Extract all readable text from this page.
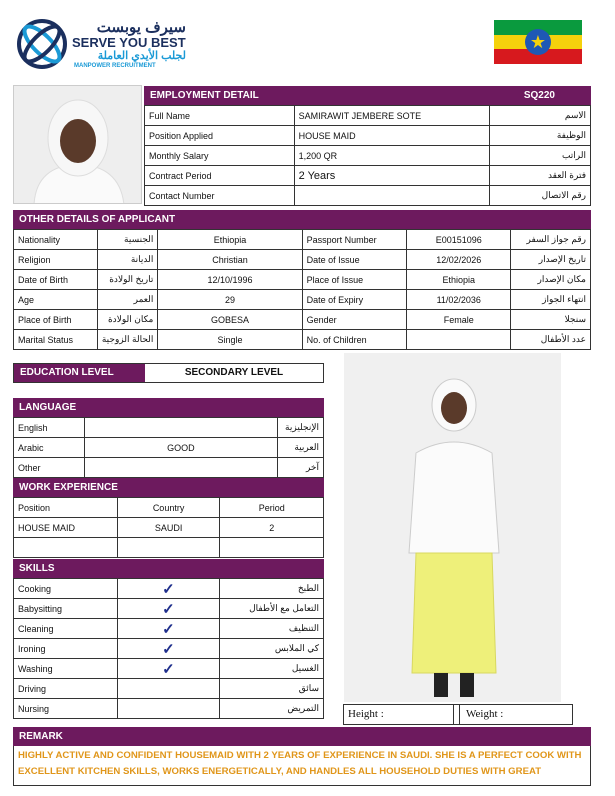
سيرف يوبست
SERVE YOU BEST
لجلب الأيدي العاملة
MANPOWER RECRUITMENT
★
EMPLOYMENT DETAIL	SQ220
Full Name	SAMIRAWIT JEMBERE SOTE	الاسم
Position Applied	HOUSE MAID	الوظيفة
Monthly Salary	1,200 QR	الراتب
Contract Period	2 Years	فترة العقد
Contact Number		رقم الاتصال
OTHER DETAILS OF APPLICANT
Nationality	الجنسية	Ethiopia	Passport Number	E00151096	رقم جواز السفر
Religion	الديانة	Christian	Date of Issue	12/02/2026	تاريخ الإصدار
Date of Birth	تاريخ الولادة	12/10/1996	Place of Issue	Ethiopia	مكان الإصدار
Age	العمر	29	Date of Expiry	11/02/2036	انتهاء الجواز
Place of Birth	مكان الولادة	GOBESA	Gender	Female	سنجلا
Marital Status	الحالة الزوجية	Single	No. of Children		عدد الأطفال
EDUCATION LEVEL	SECONDARY LEVEL
LANGUAGE
English		الإنجليزية
Arabic	GOOD	العربية
Other		آخر
WORK EXPERIENCE
Position	Country	Period
HOUSE MAID	SAUDI	2

SKILLS
Cooking	✓	الطبخ
Babysitting	✓	التعامل مع الأطفال
Cleaning	✓	التنظيف
Ironing	✓	كي الملابس
Washing	✓	الغسيل
Driving		سائق
Nursing		التمريض	Height :	Weight :
REMARK
HIGHLY ACTIVE AND CONFIDENT HOUSEMAID WITH 2 YEARS OF EXPERIENCE IN SAUDI. SHE IS A PERFECT COOK WITH EXCELLENT KITCHEN SKILLS, WORKS ENERGETICALLY, AND HANDLES ALL HOUSEHOLD DUTIES WITH GREAT
